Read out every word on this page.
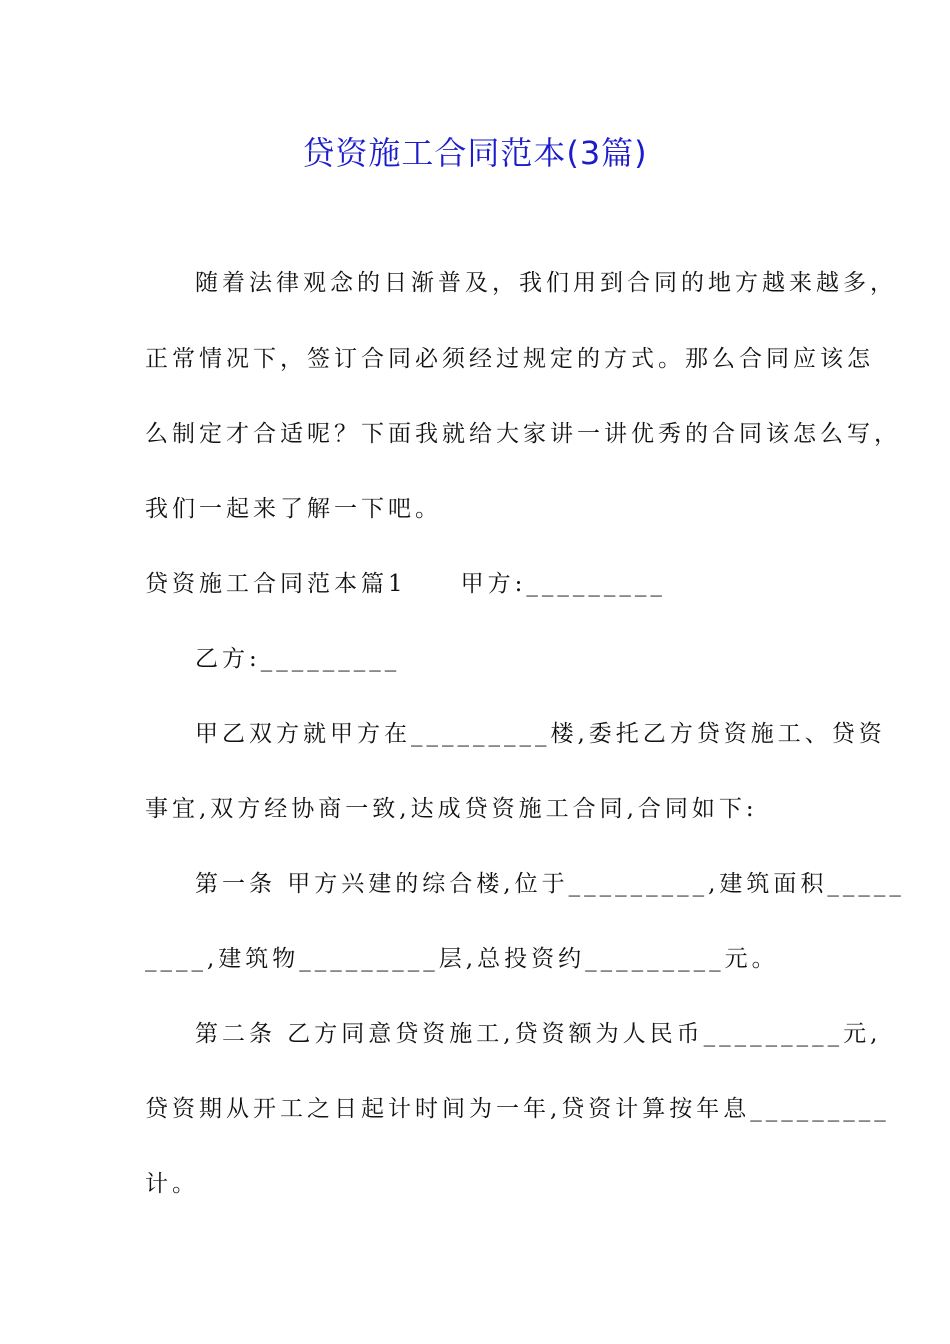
贷资施工合同范本(3篇)
随着法律观念的日渐普及，我们用到合同的地方越来越多，
正常情况下，签订合同必须经过规定的方式。那么合同应该怎
么制定才合适呢？下面我就给大家讲一讲优秀的合同该怎么写，
我们一起来了解一下吧。
贷资施工合同范本篇1　　甲方:_________
乙方:_________
甲乙双方就甲方在_________楼,委托乙方贷资施工、贷资
事宜,双方经协商一致,达成贷资施工合同,合同如下:
第一条 甲方兴建的综合楼,位于_________,建筑面积_____
____,建筑物_________层,总投资约_________元。
第二条 乙方同意贷资施工,贷资额为人民币_________元,
贷资期从开工之日起计时间为一年,贷资计算按年息_________
计。
